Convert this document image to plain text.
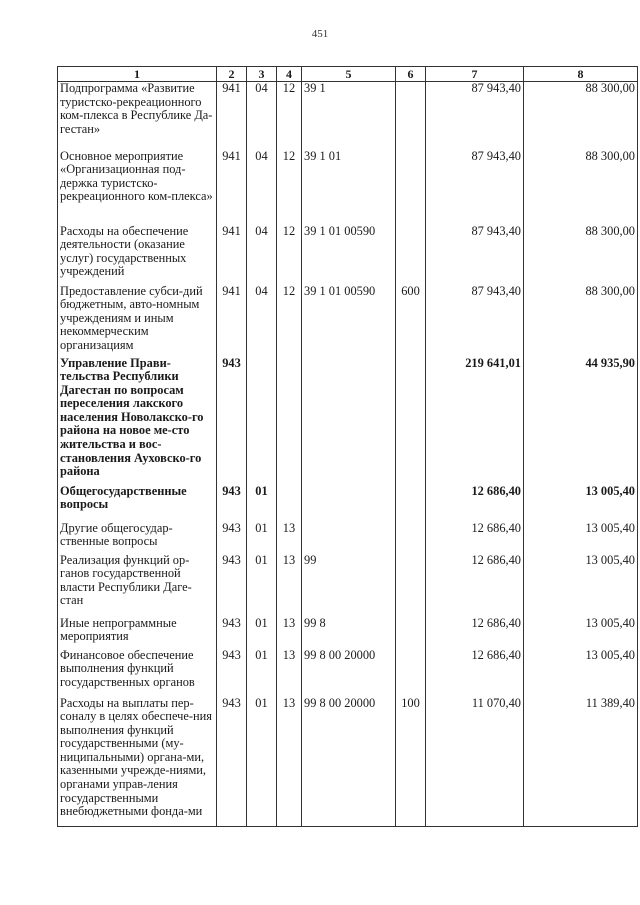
451
1	2	3	4	5	6	7	8
Подпрограмма «Развитие туристско-рекреационного ком-плекса в Республике Да-гестан»	941	04	12	39 1		87 943,40	88 300,00
Основное мероприятие «Организационная под-держка туристско-рекреационного ком-плекса»	941	04	12	39 1 01		87 943,40	88 300,00
Расходы на обеспечение деятельности (оказание услуг) государственных учреждений	941	04	12	39 1 01 00590		87 943,40	88 300,00
Предоставление субси-дий бюджетным, авто-номным учреждениям и иным некоммерческим организациям	941	04	12	39 1 01 00590	600	87 943,40	88 300,00
Управление Прави-тельства Республики Дагестан по вопросам переселения лакского населения Новолакско-го района на новое ме-сто жительства и вос-становления Ауховско-го района	943					219 641,01	44 935,90
Общегосударственные вопросы	943	01				12 686,40	13 005,40
Другие общегосудар-ственные вопросы	943	01	13			12 686,40	13 005,40
Реализация функций ор-ганов государственной власти Республики Даге-стан	943	01	13	99		12 686,40	13 005,40
Иные непрограммные мероприятия	943	01	13	99 8		12 686,40	13 005,40
Финансовое обеспечение выполнения функций государственных органов	943	01	13	99 8 00 20000		12 686,40	13 005,40
Расходы на выплаты пер-соналу в целях обеспече-ния выполнения функций государственными (му-ниципальными) органа-ми, казенными учрежде-ниями, органами управ-ления государственными внебюджетными фонда-ми	943	01	13	99 8 00 20000	100	11 070,40	11 389,40
